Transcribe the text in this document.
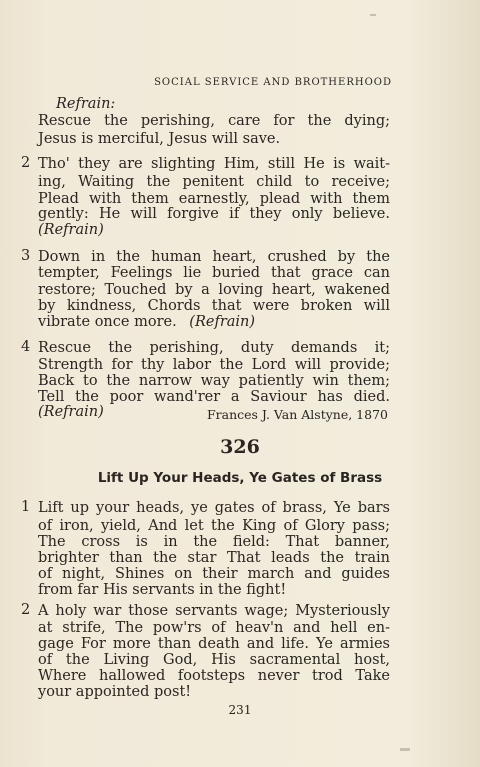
SOCIAL SERVICE AND BROTHERHOOD
Refrain:
Rescue the perishing, care for the dying;
Jesus is merciful, Jesus will save.
2 Tho' they are slighting Him, still He is wait-
ing, Waiting the penitent child to receive;
Plead with them earnestly, plead with them
gently: He will forgive if they only believe.
(Refrain)
3 Down in the human heart, crushed by the
tempter, Feelings lie buried that grace can
restore; Touched by a loving heart, wakened
by kindness, Chords that were broken will
vibrate once more. (Refrain)
4 Rescue the perishing, duty demands it;
Strength for thy labor the Lord will provide;
Back to the narrow way patiently win them;
Tell the poor wand'rer a Saviour has died.
(Refrain)	Frances J. Van Alstyne, 1870
326
Lift Up Your Heads, Ye Gates of Brass
1 Lift up your heads, ye gates of brass, Ye bars
of iron, yield, And let the King of Glory pass;
The cross is in the field: That banner,
brighter than the star That leads the train
of night, Shines on their march and guides
from far His servants in the fight!
2 A holy war those servants wage; Mysteriously
at strife, The pow'rs of heav'n and hell en-
gage For more than death and life. Ye armies
of the Living God, His sacramental host,
Where hallowed footsteps never trod Take
your appointed post!
231
